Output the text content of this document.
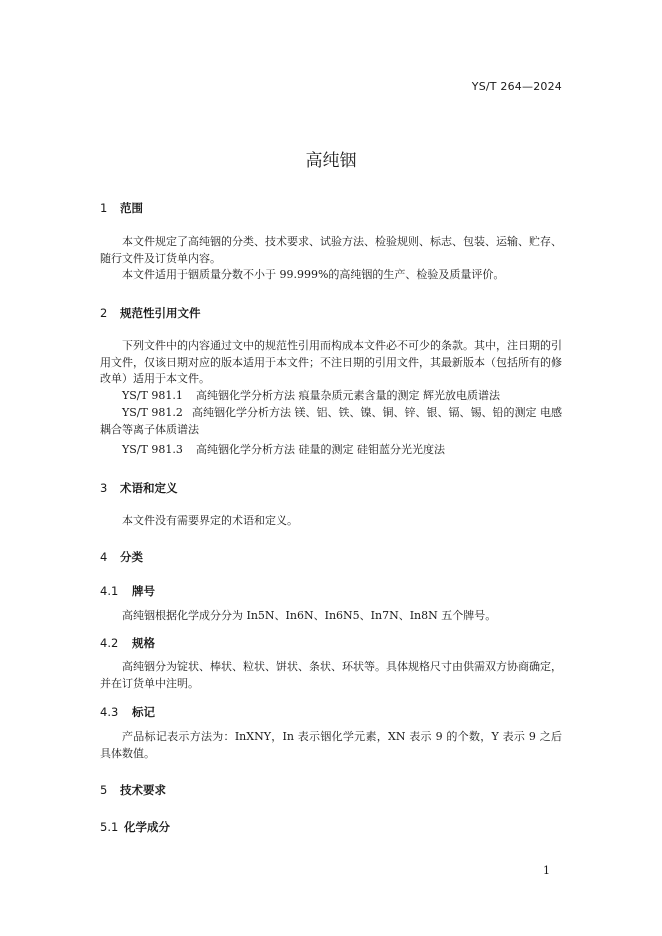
YS/T 264—2024
高纯铟
1 范围
本文件规定了高纯铟的分类、技术要求、试验方法、检验规则、标志、包装、运输、贮存、随行文件及订货单内容。
本文件适用于铟质量分数不小于 99.999%的高纯铟的生产、检验及质量评价。
2 规范性引用文件
下列文件中的内容通过文中的规范性引用而构成本文件必不可少的条款。其中，注日期的引用文件，仅该日期对应的版本适用于本文件；不注日期的引用文件，其最新版本（包括所有的修改单）适用于本文件。
YS/T 981.1 高纯铟化学分析方法 痕量杂质元素含量的测定 辉光放电质谱法
YS/T 981.2 高纯铟化学分析方法 镁、铝、铁、镍、铜、锌、银、镉、锡、铅的测定 电感耦合等离子体质谱法
YS/T 981.3 高纯铟化学分析方法 硅量的测定 硅钼蓝分光光度法
3 术语和定义
本文件没有需要界定的术语和定义。
4 分类
4.1 牌号
高纯铟根据化学成分分为 In5N、In6N、In6N5、In7N、In8N 五个牌号。
4.2 规格
高纯铟分为锭状、棒状、粒状、饼状、条状、环状等。具体规格尺寸由供需双方协商确定，并在订货单中注明。
4.3 标记
产品标记表示方法为：InXNY，In 表示铟化学元素，XN 表示 9 的个数，Y 表示 9 之后具体数值。
5 技术要求
5.1 化学成分
1
